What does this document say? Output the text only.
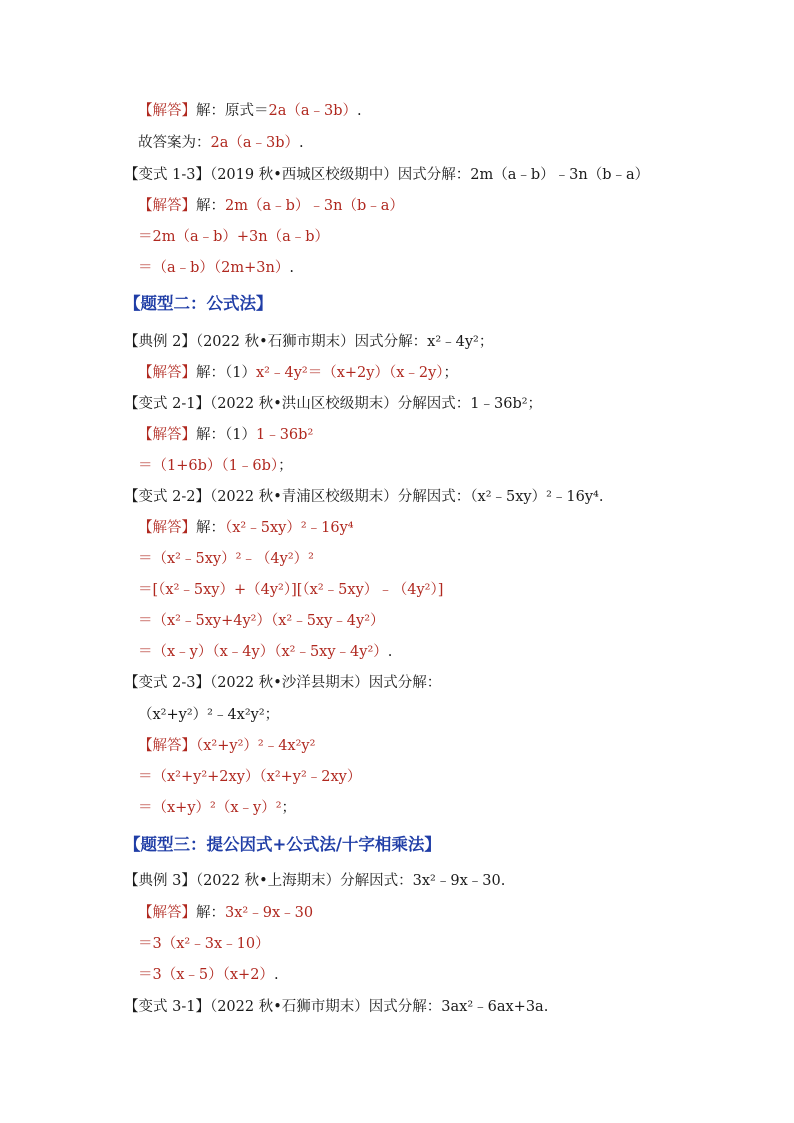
【解答】解：原式＝2a（a﹣3b）.
故答案为：2a（a﹣3b）.
【变式 1-3】（2019 秋•西城区校级期中）因式分解：2m（a﹣b）﹣3n（b﹣a）
【解答】解：2m（a﹣b）﹣3n（b﹣a）
＝2m（a﹣b）+3n（a﹣b）
＝（a﹣b）（2m+3n）.
【题型二：公式法】
【典例 2】（2022 秋•石狮市期末）因式分解：x²﹣4y²；
【解答】解：（1）x²﹣4y²＝（x+2y）（x﹣2y）；
【变式 2-1】（2022 秋•洪山区校级期末）分解因式：1﹣36b²；
【解答】解：（1）1﹣36b²
＝（1+6b）（1﹣6b）；
【变式 2-2】（2022 秋•青浦区校级期末）分解因式：（x²﹣5xy）²﹣16y⁴.
【解答】解：（x²﹣5xy）²﹣16y⁴
＝（x²﹣5xy）²﹣（4y²）²
＝[（x²﹣5xy）+（4y²）][（x²﹣5xy）﹣（4y²）]
＝（x²﹣5xy+4y²）（x²﹣5xy﹣4y²）
＝（x﹣y）（x﹣4y）（x²﹣5xy﹣4y²）.
【变式 2-3】（2022 秋•沙洋县期末）因式分解：
（x²+y²）²﹣4x²y²；
【解答】（x²+y²）²﹣4x²y²
＝（x²+y²+2xy）（x²+y²﹣2xy）
＝（x+y）²（x﹣y）²；
【题型三：提公因式+公式法/十字相乘法】
【典例 3】（2022 秋•上海期末）分解因式：3x²﹣9x﹣30.
【解答】解：3x²﹣9x﹣30
＝3（x²﹣3x﹣10）
＝3（x﹣5）（x+2）.
【变式 3-1】（2022 秋•石狮市期末）因式分解：3ax²﹣6ax+3a.
